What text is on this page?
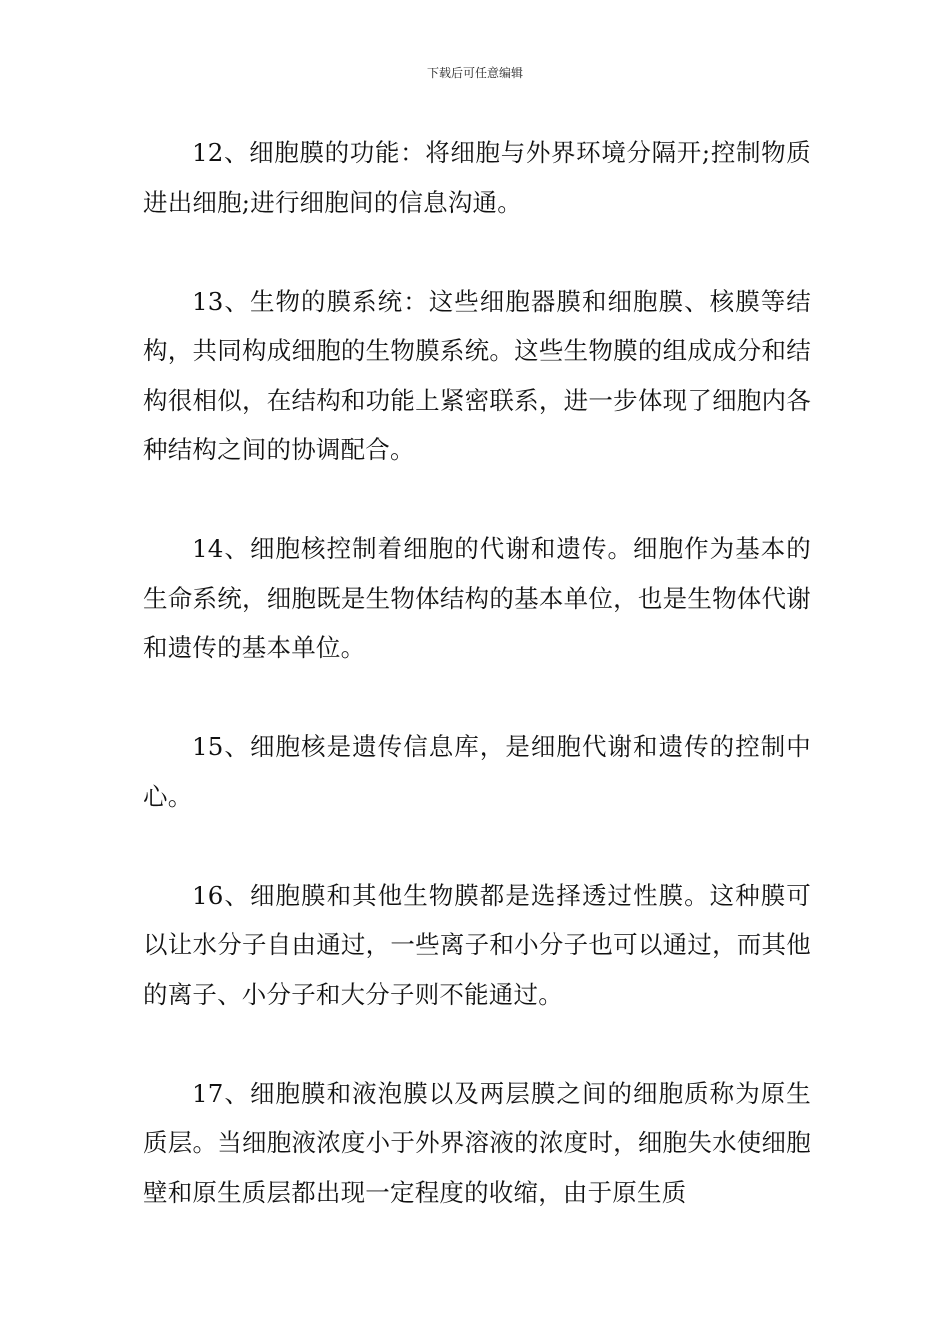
下载后可任意编辑

12、细胞膜的功能：将细胞与外界环境分隔开;控制物质进出细胞;进行细胞间的信息沟通。

13、生物的膜系统：这些细胞器膜和细胞膜、核膜等结构，共同构成细胞的生物膜系统。这些生物膜的组成成分和结构很相似，在结构和功能上紧密联系，进一步体现了细胞内各种结构之间的协调配合。

14、细胞核控制着细胞的代谢和遗传。细胞作为基本的生命系统，细胞既是生物体结构的基本单位，也是生物体代谢和遗传的基本单位。

15、细胞核是遗传信息库，是细胞代谢和遗传的控制中心。

16、细胞膜和其他生物膜都是选择透过性膜。这种膜可以让水分子自由通过，一些离子和小分子也可以通过，而其他的离子、小分子和大分子则不能通过。

17、细胞膜和液泡膜以及两层膜之间的细胞质称为原生质层。当细胞液浓度小于外界溶液的浓度时，细胞失水使细胞壁和原生质层都出现一定程度的收缩，由于原生质
